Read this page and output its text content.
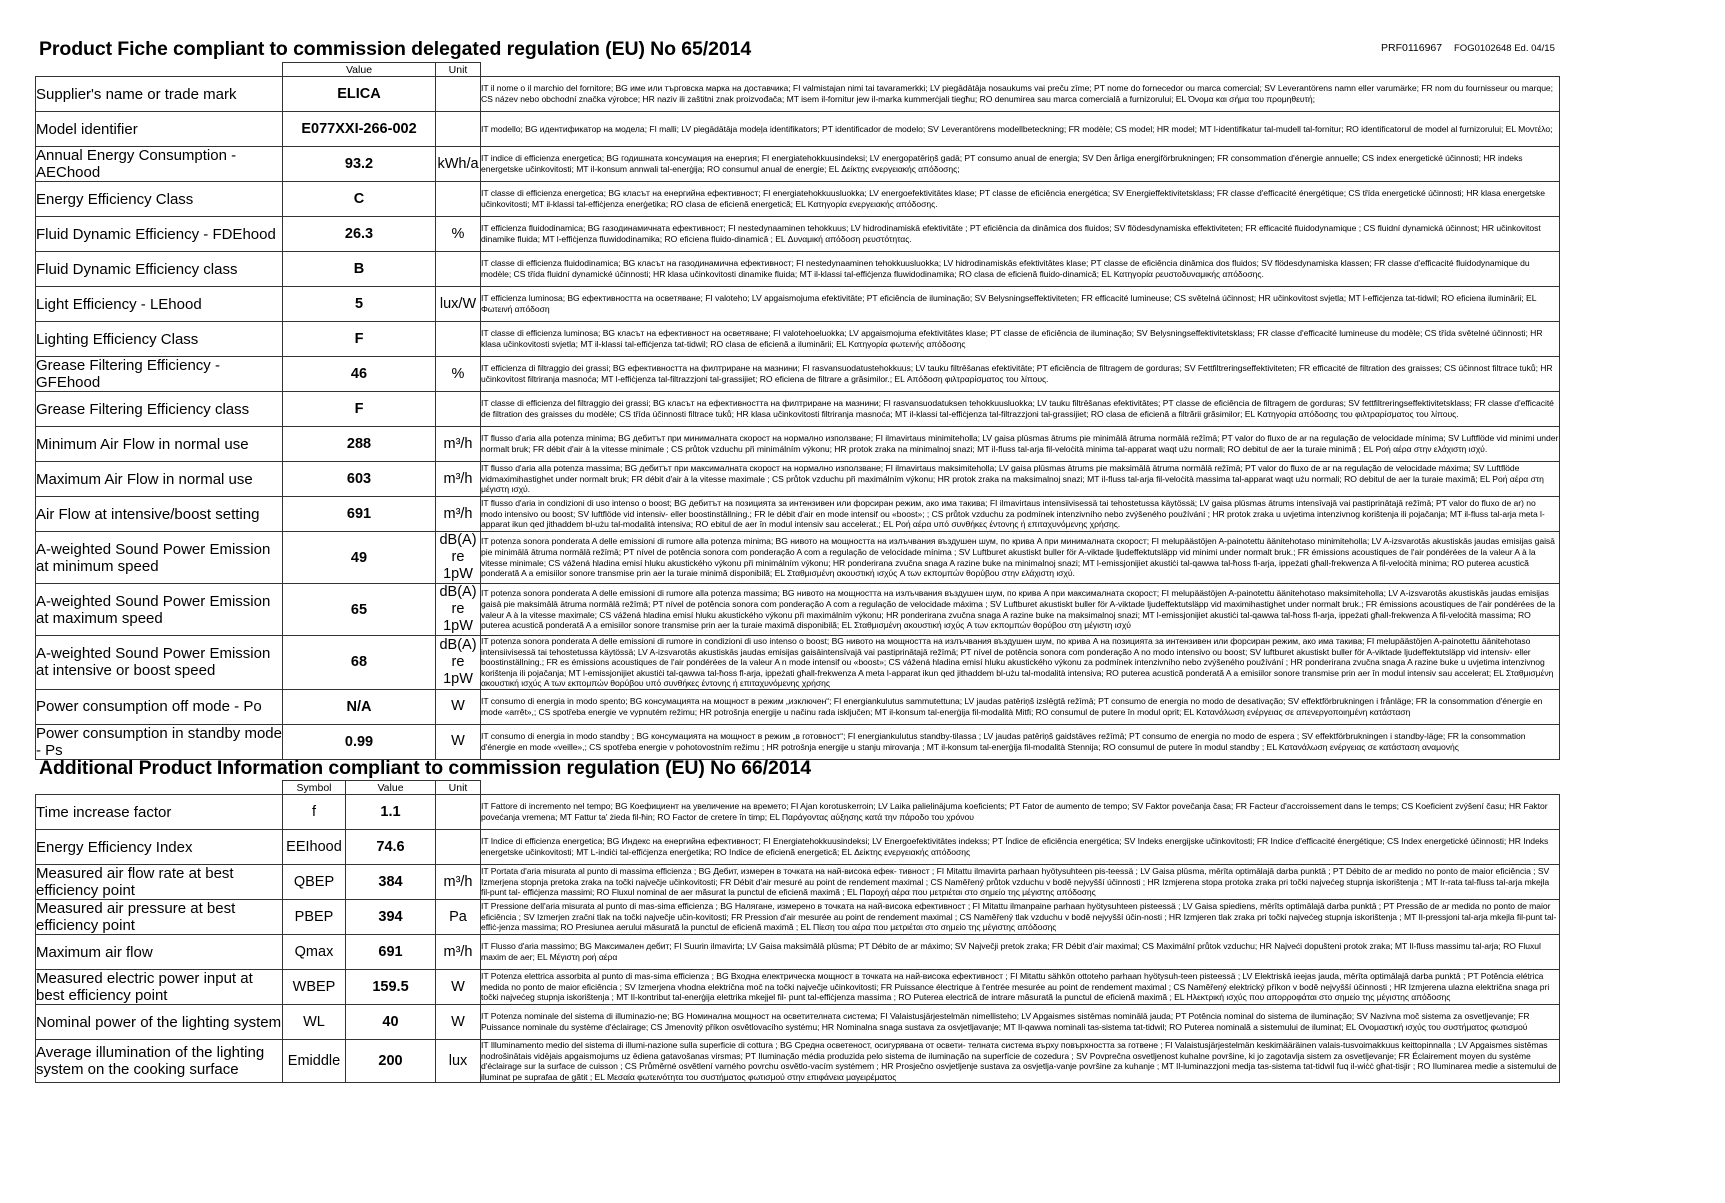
Product Fiche compliant to commission delegated regulation (EU) No 65/2014	PRF0116967 FOG0102648 Ed. 04/15
	Value	Unit	
Supplier's name or trade mark	ELICA		IT il nome o il marchio del fornitore; BG име или търговска марка на доставчика; FI valmistajan nimi tai tavaramerkki; LV piegādātāja nosaukums vai preču zīme; PT nome do fornecedor ou marca comercial; SV Leverantörens namn eller varumärke; FR nom du fournisseur ou marque; CS název nebo obchodní značka výrobce; HR naziv ili zaštitni znak proizvođača; MT isem il-fornitur jew il-marka kummerċjali tiegħu; RO denumirea sau marca comercială a furnizorului; EL Όνομα και σήμα του προμηθευτή;
Model identifier	E077XXI-266-002		IT modello; BG идентификатор на модела; FI malli; LV piegādātāja modeļa identifikators; PT identificador de modelo; SV Leverantörens modellbeteckning; FR modèle; CS model; HR model; MT l-identifikatur tal-mudell tal-fornitur; RO identificatorul de model al furnizorului; EL Μοντέλο;
Annual Energy Consumption - AEChood	93.2	kWh/a	IT indice di efficienza energetica; BG годишната консумация на енергия; FI energiatehokkuusindeksi; LV energopatēriņš gadā; PT consumo anual de energia; SV Den årliga energiförbrukningen; FR consommation d'énergie annuelle; CS index energetické účinnosti; HR indeks energetske učinkovitosti; MT il-konsum annwali tal-enerġija; RO consumul anual de energie; EL Δείκτης ενεργειακής απόδοσης;
Energy Efficiency Class	C		IT classe di efficienza energetica; BG класът на енергийна ефективност; FI energiatehokkuusluokka; LV energoefektivitātes klase; PT classe de eficiência energética; SV Energieffektivitetsklass; FR classe d'efficacité énergétique; CS třída energetické účinnosti; HR klasa energetske učinkovitosti; MT il-klassi tal-effiċjenza enerġetika; RO clasa de eficienă energetică; EL Κατηγορία ενεργειακής απόδοσης.
Fluid Dynamic Efficiency - FDEhood	26.3	%	IT efficienza fluidodinamica; BG газодинамичната ефективност; FI nestedynaaminen tehokkuus; LV hidrodinamiskā efektivitāte ; PT eficiência da dinâmica dos fluidos; SV flödesdynamiska effektiviteten; FR efficacité fluidodynamique ; CS fluidní dynamická účinnost; HR učinkovitost dinamike fluida; MT l-effiċjenza fluwidodinamika; RO eficiena fluido-dinamică ; EL Δυναμική απόδοση ρευστότητας.
Fluid Dynamic Efficiency class	B		IT classe di efficienza fluidodinamica; BG класът на газодинамична ефективност; FI nestedynaaminen tehokkuusluokka; LV hidrodinamiskās efektivitātes klase; PT classe de eficiência dinâmica dos fluidos; SV flödesdynamiska klassen; FR classe d'efficacité fluidodynamique du modèle; CS třída fluidní dynamické účinnosti; HR klasa učinkovitosti dinamike fluida; MT il-klassi tal-effiċjenza fluwidodinamika; RO clasa de eficienă fluido-dinamică; EL Κατηγορία ρευστοδυναμικής απόδοσης.
Light Efficiency - LEhood	5	lux/W	IT efficienza luminosa; BG ефективността на осветяване; FI valoteho; LV apgaismojuma efektivitāte; PT eficiência de iluminação; SV Belysningseffektiviteten; FR efficacité lumineuse; CS světelná účinnost; HR učinkovitost svjetla; MT l-effiċjenza tat-tidwil; RO eficiena iluminării; EL Φωτεινή απόδοση
Lighting Efficiency Class	F		IT classe di efficienza luminosa; BG класът на ефективност на осветяване; FI valotehoeluokka; LV apgaismojuma efektivitātes klase; PT classe de eficiência de iluminação; SV Belysningseffektivitetsklass; FR classe d'efficacité lumineuse du modèle; CS třída světelné účinnosti; HR klasa učinkovitosti svjetla; MT il-klassi tal-effiċjenza tat-tidwil; RO clasa de eficienă a iluminării; EL Κατηγορία φωτεινής απόδοσης
Grease Filtering Efficiency - GFEhood	46	%	IT efficienza di filtraggio dei grassi; BG ефективността на филтриране на мазнини; FI rasvansuodatustehokkuus; LV tauku filtrēšanas efektivitāte; PT eficiência de filtragem de gorduras; SV Fettfiltreringseffektiviteten; FR efficacité de filtration des graisses; CS účinnost filtrace tuků; HR učinkovitost filtriranja masnoća; MT l-effiċjenza tal-filtrazzjoni tal-grassijiet; RO eficiena de filtrare a grăsimilor.; EL Απόδοση φιλτραρίσματος του λίπους.
Grease Filtering Efficiency class	F		IT classe di efficienza del filtraggio dei grassi; BG класът на ефективността на филтриране на мазнини; FI rasvansuodatuksen tehokkuusluokka; LV tauku filtrēšanas efektivitātes; PT classe de eficiência de filtragem de gorduras; SV fettfiltreringseffektivitetsklass; FR classe d'efficacité de filtration des graisses du modèle; CS třída účinnosti filtrace tuků; HR klasa učinkovitosti filtriranja masnoća; MT il-klassi tal-effiċjenza tal-filtrazzjoni tal-grassijiet; RO clasa de eficienă a filtrării grăsimilor; EL Κατηγορία απόδοσης του φιλτραρίσματος του λίπους.
Minimum Air Flow in normal use	288	m³/h	IT flusso d'aria alla potenza minima; BG дебитът при минималната скорост на нормално използване; FI ilmavirtaus minimiteholla; LV gaisa plūsmas ātrums pie minimālā ātruma normālā režīmā; PT valor do fluxo de ar na regulação de velocidade mínima; SV Luftflöde vid minimi under normalt bruk; FR débit d'air à la vitesse minimale ; CS průtok vzduchu při minimálním výkonu; HR protok zraka na minimalnoj snazi; MT il-fluss tal-arja fil-veloċità minima tal-apparat waqt użu normali; RO debitul de aer la turaie minimă ; EL Ροή αέρα στην ελάχιστη ισχύ.
Maximum Air Flow in normal use	603	m³/h	IT flusso d'aria alla potenza massima; BG дебитът при максималната скорост на нормално използване; FI ilmavirtaus maksimiteholla; LV gaisa plūsmas ātrums pie maksimālā ātruma normālā režīmā; PT valor do fluxo de ar na regulação de velocidade máxima; SV Luftflöde vidmaximihastighet under normalt bruk; FR débit d'air à la vitesse maximale ; CS průtok vzduchu při maximálním výkonu; HR protok zraka na maksimalnoj snazi; MT il-fluss tal-arja fil-veloċità massima tal-apparat waqt użu normali; RO debitul de aer la turaie maximă; EL Ροή αέρα στη μέγιστη ισχύ.
Air Flow at intensive/boost setting	691	m³/h	IT flusso d'aria in condizioni di uso intenso o boost; BG дебитът на позицията за интензивен или форсиран режим, ако има такива; FI ilmavirtaus intensiivisessä tai tehostetussa käytössä; LV gaisa plūsmas ātrums intensīvajā vai pastiprinātajā režīmā; PT valor do fluxo de ar) no modo intensivo ou boost; SV luftflöde vid intensiv- eller boostinställning.; FR le débit d'air en mode intensif ou «boost»; ; CS průtok vzduchu za podmínek intenzivního nebo zvýšeného používání ; HR protok zraka u uvjetima intenzivnog korištenja ili pojačanja; MT il-fluss tal-arja meta l- apparat ikun qed jithaddem bl-użu tal-modalità intensiva; RO ebitul de aer în modul intensiv sau accelerat.; EL Ροή αέρα υπό συνθήκες έντονης ή επιταχυνόμενης χρήσης.
A-weighted Sound Power Emission at minimum speed	49	dB(A) re 1pW	IT potenza sonora ponderata A delle emissioni di rumore alla potenza minima; BG нивото на мощността на излъчвания въздушен шум, по крива A при минималната скорост; FI melupäästöjen A-painotettu äänitehotaso minimiteholla; LV A-izsvarotās akustiskās jaudas emisijas gaisā pie minimālā ātruma normālā režīmā; PT nível de potência sonora com ponderação A com a regulação de velocidade mínima ; SV Luftburet akustiskt buller för A-viktade ljudeffektutsläpp vid minimi under normalt bruk.; FR émissions acoustiques de l'air pondérées de la valeur A à la vitesse minimale; CS vážená hladina emisí hluku akustického výkonu při minimálním výkonu; HR ponderirana zvučna snaga A razine buke na minimalnoj snazi; MT l-emissjonijiet akustiċi tal-qawwa tal-ħoss fl-arja, ippeżati għall-frekwenza A fil-veloċità minima; RO puterea acustică ponderată A a emisiilor sonore transmise prin aer la turaie minimă disponibilă; EL Σταθμισμένη ακουστική ισχύς A των εκπομπών θορύβου στην ελάχιστη ισχύ.
A-weighted Sound Power Emission at maximum speed	65	dB(A) re 1pW	IT potenza sonora ponderata A delle emissioni di rumore alla potenza massima; BG нивото на мощността на излъчвания въздушен шум, по крива A при максималната скорост; FI melupäästöjen A-painotettu äänitehotaso maksimiteholla; LV A-izsvarotās akustiskās jaudas emisijas gaisā pie maksimālā ātruma normālā režīmā; PT nível de potência sonora com ponderação A com a regulação de velocidade máxima ; SV Luftburet akustiskt buller för A-viktade ljudeffektutsläpp vid maximihastighet under normalt bruk.; FR émissions acoustiques de l'air pondérées de la valeur A à la vitesse maximale; CS vážená hladina emisí hluku akustického výkonu při maximálním výkonu; HR ponderirana zvučna snaga A razine buke na maksimalnoj snazi; MT l-emissjonijiet akustiċi tal-qawwa tal-ħoss fl-arja, ippeżati għall-frekwenza A fil-veloċità massima; RO puterea acustică ponderată A a emisiilor sonore transmise prin aer la turaie maximă disponibilă; EL Σταθμισμένη ακουστική ισχύς A των εκπομπών θορύβου στη μέγιστη ισχύ
A-weighted Sound Power Emission at intensive or boost speed	68	dB(A) re 1pW	IT potenza sonora ponderata A delle emissioni di rumore in condizioni di uso intenso o boost; BG нивото на мощността на излъчвания въздушен шум, по крива A на позицията за интензивен или форсиран режим, ако има такива; FI melupäästöjen A-painotettu äänitehotaso intensiivisessä tai tehostetussa käytössä; LV A-izsvarotās akustiskās jaudas emisijas gaisāintensīvajā vai pastiprinātajā režīmā; PT nível de potência sonora com ponderação A no modo intensivo ou boost; SV luftburet akustiskt buller för A-viktade ljudeffektutsläpp vid intensiv- eller boostinställning.; FR es émissions acoustiques de l'air pondérées de la valeur A n mode intensif ou «boost»; CS vážená hladina emisí hluku akustického výkonu za podmínek intenzivního nebo zvýšeného používání ; HR ponderirana zvučna snaga A razine buke u uvjetima intenzivnog korištenja ili pojačanja; MT l-emissjonijiet akustiċi tal-qawwa tal-ħoss fl-arja, ippeżati għall-frekwenza A meta l-apparat ikun qed jithaddem bl-użu tal-modalità intensiva; RO puterea acustică ponderată A a emisiilor sonore transmise prin aer în modul intensiv sau accelerat; EL Σταθμισμένη ακουστική ισχύς A των εκπομπών θορύβου υπό συνθήκες έντονης ή επιταχυνόμενης χρήσης
Power consumption off mode - Po	N/A	W	IT consumo di energia in modo spento; BG консумацията на мощност в режим „изключен“; FI energiankulutus sammutettuna; LV jaudas patēriņš izslēgtā režīmā; PT consumo de energia no modo de desativação; SV effektförbrukningen i frånläge; FR la consommation d'énergie en mode «arrêt»,; CS spotřeba energie ve vypnutém režimu; HR potrošnja energije u načinu rada isključen; MT il-konsum tal-enerġija fil-modalità Mitfi; RO consumul de putere în modul oprit; EL Κατανάλωση ενέργειας σε απενεργοποιημένη κατάσταση
Power consumption in standby mode - Ps	0.99	W	IT consumo di energia in modo standby ; BG консумацията на мощност в режим „в готовност“; FI energiankulutus standby-tilassa ; LV jaudas patēriņš gaidstāves režīmā; PT consumo de energia no modo de espera ; SV effektförbrukningen i standby-läge; FR la consommation d'énergie en mode «veille»,; CS spotřeba energie v pohotovostním režimu ; HR potrošnja energije u stanju mirovanja ; MT il-konsum tal-enerġija fil-modalità Stennija; RO consumul de putere în modul standby ; EL Κατανάλωση ενέργειας σε κατάσταση αναμονής
Additional Product Information compliant to commission regulation (EU) No 66/2014
	Symbol	Value	Unit	
Time increase factor	f	1.1		IT Fattore di incremento nel tempo; BG Коефициент на увеличение на времето; FI Ajan korotuskerroin; LV Laika palielinājuma koeficients; PT Fator de aumento de tempo; SV Faktor povečanja časa; FR Facteur d'accroissement dans le temps; CS Koeficient zvýšení času; HR Faktor povećanja vremena; MT Fattur ta' żieda fil-ħin; RO Factor de cretere în timp; EL Παράγοντας αύξησης κατά την πάροδο του χρόνου
Energy Efficiency Index	EEIhood	74.6		IT Indice di efficienza energetica; BG Индекс на енергийна ефективност; FI Energiatehokkuusindeksi; LV Energoefektivitātes indekss; PT Índice de eficiência energética; SV Indeks energijske učinkovitosti; FR Indice d'efficacité énergétique; CS Index energetické účinnosti; HR Indeks energetske učinkovitosti; MT L-indiċi tal-effiċjenza enerġetika; RO Indice de eficienă energetică; EL Δείκτης ενεργειακής απόδοσης
Measured air flow rate at best efficiency point	QBEP	384	m³/h	IT Portata d'aria misurata al punto di massima efficienza ; BG Дебит, измерен в точката на най-висока ефек- тивност ; FI Mitattu ilmavirta parhaan hyötysuhteen pis-teessä ; LV Gaisa plūsma, mērīta optimālajā darba punktā ; PT Débito de ar medido no ponto de maior eficiência ; SV Izmerjena stopnja pretoka zraka na točki največje učinkovitosti; FR Débit d'air mesuré au point de rendement maximal ; CS Naměřený průtok vzduchu v bodě nejvyšší účinnosti ; HR Izmjerena stopa protoka zraka pri točki najvećeg stupnja iskorištenja ; MT Ir-rata tal-fluss tal-arja mkejla fil-punt tal- effiċjenza massimi; RO Fluxul nominal de aer măsurat la punctul de eficienă maximă ; EL Παροχή αέρα που μετριέται στο σημείο της μέγιστης απόδοσης
Measured air pressure at best efficiency point	PBEP	394	Pa	IT Pressione dell'aria misurata al punto di mas-sima efficienza ; BG Налягане, измерено в точката на най-висока ефективност ; FI Mitattu ilmanpaine parhaan hyötysuhteen pisteessä ; LV Gaisa spiediens, mērīts optimālajā darba punktā ; PT Pressão de ar medida no ponto de maior eficiência ; SV Izmerjen zračni tlak na točki največje učin-kovitosti; FR Pression d'air mesurée au point de rendement maximal ; CS Naměřený tlak vzduchu v bodě nejvyšší účin-nosti ; HR Izmjeren tlak zraka pri točki najvećeg stupnja iskorištenja ; MT Il-pressjoni tal-arja mkejla fil-punt tal-effiċ-jenza massima; RO Presiunea aerului măsurată la punctul de eficienă maximă ; EL Πίεση του αέρα που μετριέται στο σημείο της μέγιστης απόδοσης
Maximum air flow	Qmax	691	m³/h	IT Flusso d'aria massimo; BG Максимален дебит; FI Suurin ilmavirta; LV Gaisa maksimālā plūsma; PT Débito de ar máximo; SV Največji pretok zraka; FR Débit d'air maximal; CS Maximální průtok vzduchu; HR Najveći dopušteni protok zraka; MT Il-fluss massimu tal-arja; RO Fluxul maxim de aer; EL Μέγιστη ροή αέρα
Measured electric power input at best efficiency point	WBEP	159.5	W	IT Potenza elettrica assorbita al punto di mas-sima efficienza ; BG Входна електрическа мощност в точката на най-висока ефективност ; FI Mitattu sähkön ottoteho parhaan hyötysuh-teen pisteessä ; LV Elektriskā ieejas jauda, mērīta optimālajā darba punktā ; PT Potência elétrica medida no ponto de maior eficiência ; SV Izmerjena vhodna električna moč na točki največje učinkovitosti; FR Puissance électrique à l'entrée mesurée au point de rendement maximal ; CS Naměřený elektrický příkon v bodě nejvyšší účinnosti ; HR Izmjerena ulazna električna snaga pri točki najvećeg stupnja iskorištenja ; MT Il-kontribut tal-enerġija elettrika mkejjel fil- punt tal-effiċjenza massima ; RO Puterea electrică de intrare măsurată la punctul de eficienă maximă ; EL Ηλεκτρική ισχύς που απορροφάται στο σημείο της μέγιστης απόδοσης
Nominal power of the lighting system	WL	40	W	IT Potenza nominale del sistema di illuminazio-ne; BG Номинална мощност на осветителната система; FI Valaistusjärjestelmän nimellisteho; LV Apgaismes sistēmas nominālā jauda; PT Potência nominal do sistema de iluminação; SV Nazivna moč sistema za osvetljevanje; FR Puissance nominale du système d'éclairage; CS Jmenovitý příkon osvětlovacího systému; HR Nominalna snaga sustava za osvjetljavanje; MT Il-qawwa nominali tas-sistema tat-tidwil; RO Puterea nominală a sistemului de iluminat; EL Ονομαστική ισχύς του συστήματος φωτισμού
Average illumination of the lighting system on the cooking surface	Emiddle	200	lux	IT Illuminamento medio del sistema di illumi-nazione sulla superficie di cottura ; BG Средна осветеност, осигурявана от освети- телната система върху повърхността за готвене ; FI Valaistusjärjestelmän keskimääräinen valais-tusvoimakkuus keittopinnalla ; LV Apgaismes sistēmas nodrošinātais vidējais apgaismojums uz ēdiena gatavošanas virsmas; PT Iluminação média produzida pelo sistema de iluminação na superfície de cozedura ; SV Povprečna osvetljenost kuhalne površine, ki jo zagotavlja sistem za osvetljevanje; FR Éclairement moyen du système d'éclairage sur la surface de cuisson ; CS Průměrné osvětlení varného povrchu osvětlo-vacím systémem ; HR Prosječno osvjetljenje sustava za osvjetlja-vanje površine za kuhanje ; MT Il-luminazzjoni medja tas-sistema tat-tidwil fuq il-wiċċ għat-tisjir ; RO Iluminarea medie a sistemului de iluminat pe suprafaa de gătit ; EL Μεσαία φωτεινότητα του συστήματος φωτισμού στην επιφάνεια μαγειρέματος
